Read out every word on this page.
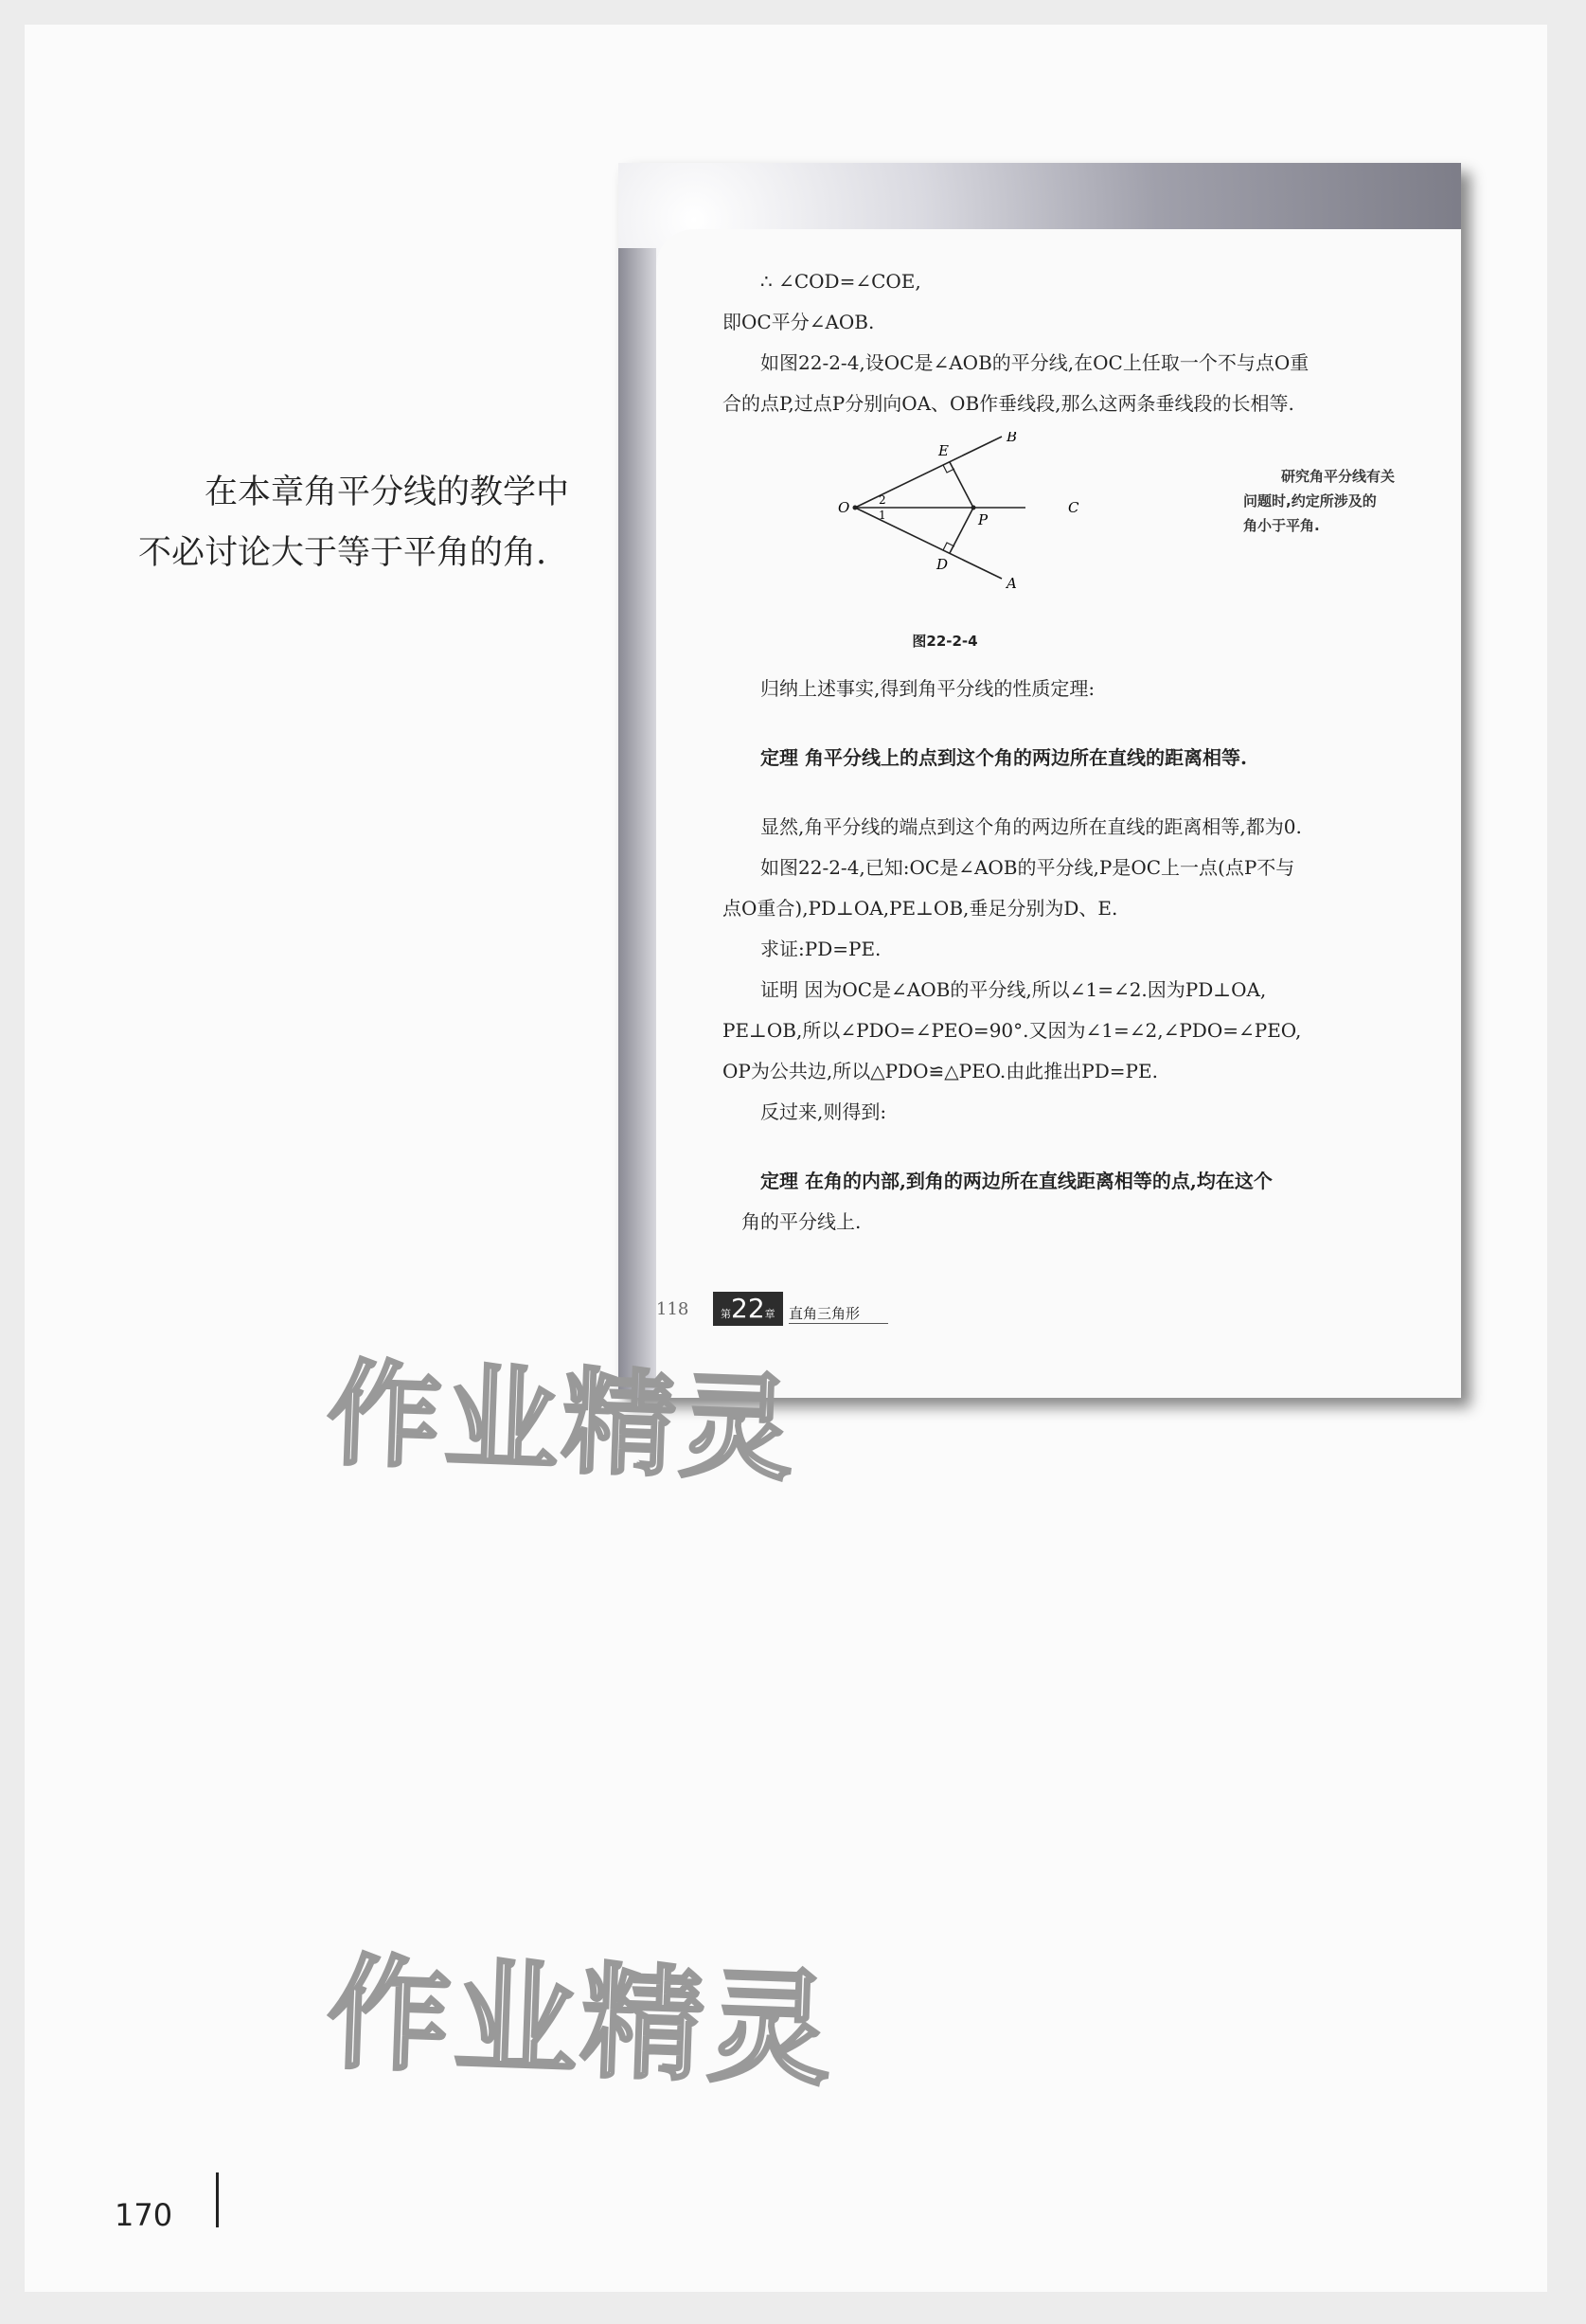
在本章角平分线的教学中
不必讨论大于等于平角的角.

∴ ∠COD=∠COE,

即OC平分∠AOB.

如图22-2-4,设OC是∠AOB的平分线,在OC上任取一个不与点O重

合的点P,过点P分别向OA、OB作垂线段,那么这两条垂线段的长相等.

O
B
A
C
E
D
P
2
1
图22-2-4
研究角平分线有关
问题时,约定所涉及的
角小于平角.

归纳上述事实,得到角平分线的性质定理:

定理 角平分线上的点到这个角的两边所在直线的距离相等.

显然,角平分线的端点到这个角的两边所在直线的距离相等,都为0.

如图22-2-4,已知:OC是∠AOB的平分线,P是OC上一点(点P不与

点O重合),PD⊥OA,PE⊥OB,垂足分别为D、E.

求证:PD=PE.

证明 因为OC是∠AOB的平分线,所以∠1=∠2.因为PD⊥OA,

PE⊥OB,所以∠PDO=∠PEO=90°.又因为∠1=∠2,∠PDO=∠PEO,

OP为公共边,所以△PDO≌△PEO.由此推出PD=PE.

反过来,则得到:

定理 在角的内部,到角的两边所在直线距离相等的点,均在这个

角的平分线上.

118	第22章 直角三角形
作业精灵
作业精灵
170
